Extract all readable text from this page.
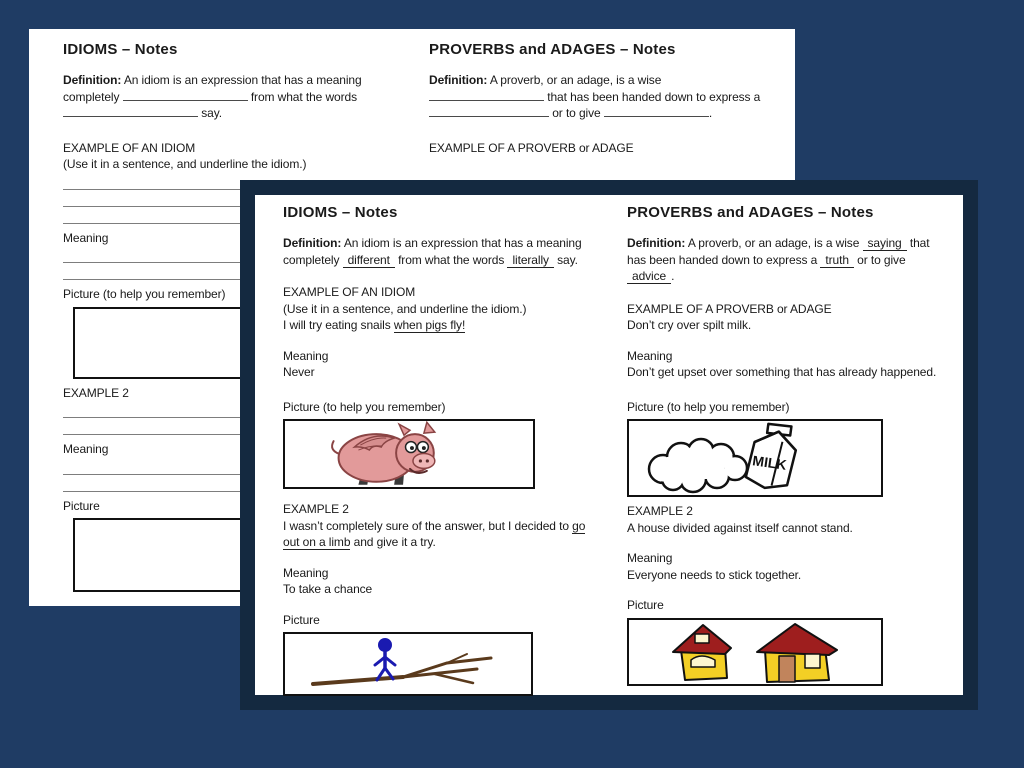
IDIOMS – Notes

Definition: An idiom is an expression that has a meaning completely	from what the words  say.

EXAMPLE OF AN IDIOM
(Use it in a sentence, and underline the idiom.)
Meaning
Picture (to help you remember)
EXAMPLE 2
Meaning
Picture
PROVERBS and ADAGES – Notes

Definition: A proverb, or an adage, is a wise  that has been handed down to express a  or to give	.

EXAMPLE OF A PROVERB or ADAGE
IDIOMS – Notes

Definition: An idiom is an expression that has a meaning completely different from what the words literally say.

EXAMPLE OF AN IDIOM
(Use it in a sentence, and underline the idiom.)

I will try eating snails when pigs fly!

Meaning
Never
Picture (to help you remember)
EXAMPLE 2

I wasn’t completely sure of the answer, but I decided to go out on a limb and give it a try.

Meaning
To take a chance
Picture
PROVERBS and ADAGES – Notes

Definition: A proverb, or an adage, is a wise saying that has been handed down to express a truth or to give advice .

EXAMPLE OF A PROVERB or ADAGE
Don’t cry over spilt milk.
Meaning
Don’t get upset over something that has already happened.
Picture (to help you remember)
MILK
EXAMPLE 2
A house divided against itself cannot stand.
Meaning
Everyone needs to stick together.
Picture
